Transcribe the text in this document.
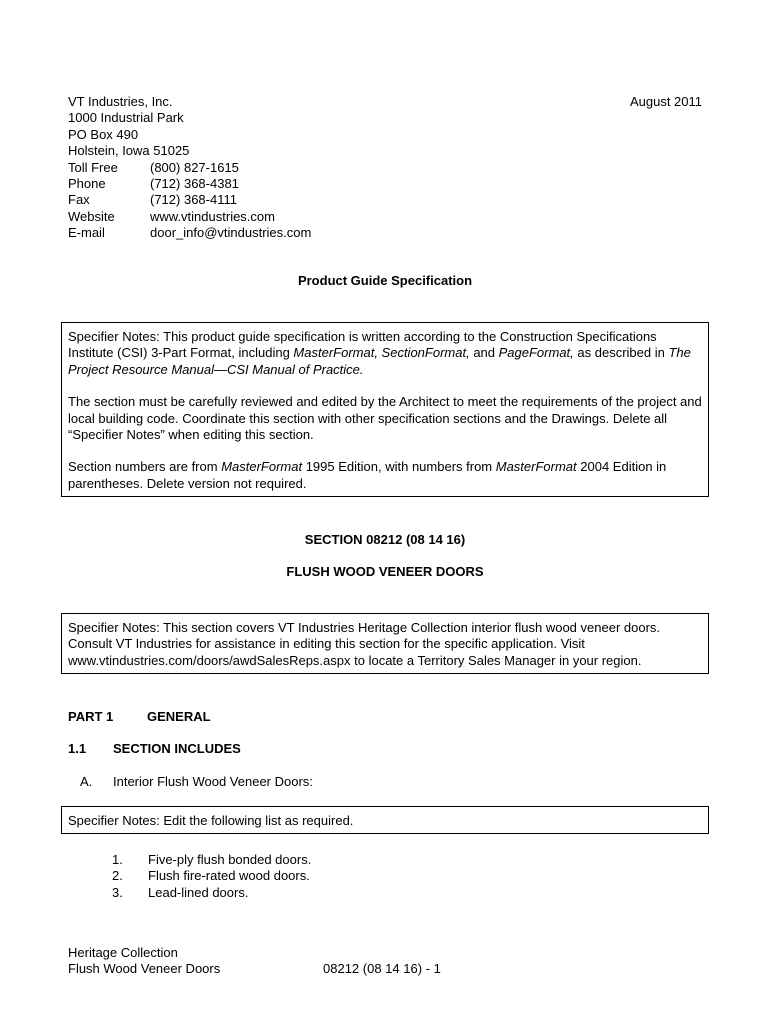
VT Industries, Inc.
1000 Industrial Park
PO Box 490
Holstein, Iowa 51025
Toll Free	(800) 827-1615
Phone	(712) 368-4381
Fax	(712) 368-4111
Website	www.vtindustries.com
E-mail	door_info@vtindustries.com
August 2011
Product Guide Specification

Specifier Notes: This product guide specification is written according to the Construction Specifications Institute (CSI) 3-Part Format, including MasterFormat, SectionFormat, and PageFormat, as described in The Project Resource Manual—CSI Manual of Practice.

The section must be carefully reviewed and edited by the Architect to meet the requirements of the project and local building code. Coordinate this section with other specification sections and the Drawings. Delete all “Specifier Notes” when editing this section.

Section numbers are from MasterFormat 1995 Edition, with numbers from MasterFormat 2004 Edition in parentheses. Delete version not required.

SECTION 08212 (08 14 16)
FLUSH WOOD VENEER DOORS

Specifier Notes: This section covers VT Industries Heritage Collection interior flush wood veneer doors. Consult VT Industries for assistance in editing this section for the specific application. Visit www.vtindustries.com/doors/awdSalesReps.aspx to locate a Territory Sales Manager in your region.

PART 1	GENERAL
1.1 SECTION INCLUDES
A. Interior Flush Wood Veneer Doors:

Specifier Notes: Edit the following list as required.

1.	Five-ply flush bonded doors.
2.	Flush fire-rated wood doors.
3.	Lead-lined doors.
Heritage Collection
Flush Wood Veneer Doors	08212 (08 14 16) - 1
